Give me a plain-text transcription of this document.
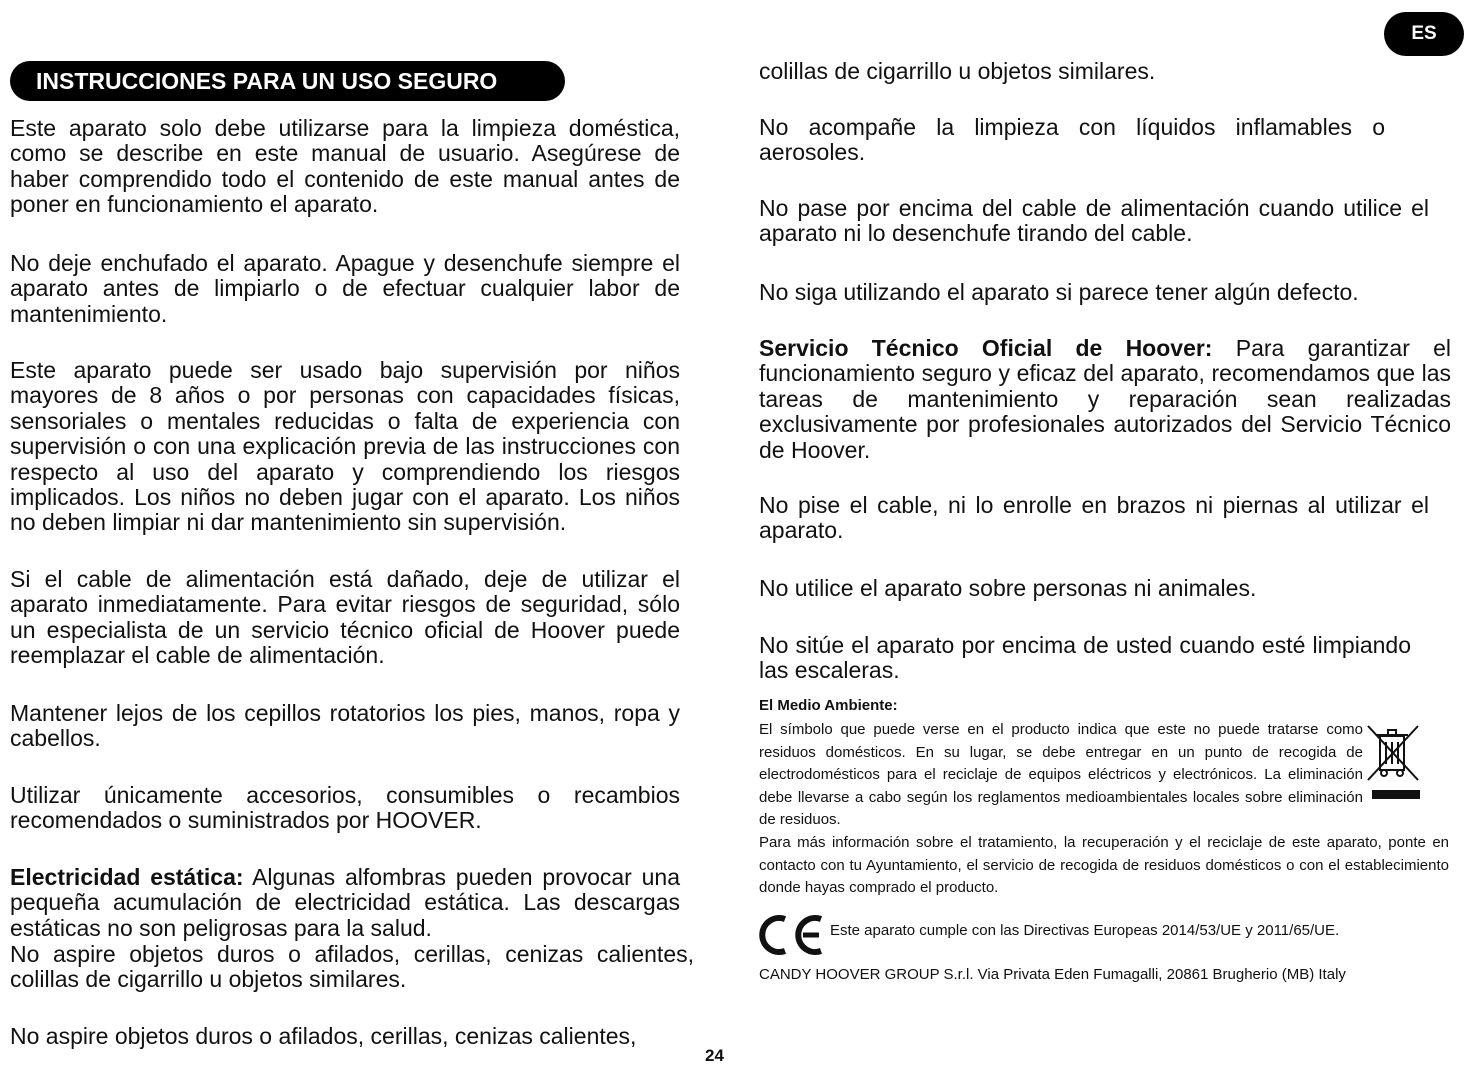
ES
INSTRUCCIONES PARA UN USO SEGURO

Este aparato solo debe utilizarse para la limpieza doméstica, como se describe en este manual de usuario. Asegúrese de haber comprendido todo el contenido de este manual antes de poner en funcionamiento el aparato.

No deje enchufado el aparato. Apague y desenchufe siempre el aparato antes de limpiarlo o de efectuar cualquier labor de mantenimiento.

Este aparato puede ser usado bajo supervisión por niños mayores de 8 años o por personas con capacidades físicas, sensoriales o mentales reducidas o falta de experiencia con supervisión o con una explicación previa de las instrucciones con respecto al uso del aparato y comprendiendo los riesgos implicados. Los niños no deben jugar con el aparato. Los niños no deben limpiar ni dar mantenimiento sin supervisión.

Si el cable de alimentación está dañado, deje de utilizar el aparato inmediatamente. Para evitar riesgos de seguridad, sólo un especialista de un servicio técnico oficial de Hoover puede reemplazar el cable de alimentación.

Mantener lejos de los cepillos rotatorios los pies, manos, ropa y cabellos.

Utilizar únicamente accesorios, consumibles o recambios recomendados o suministrados por HOOVER.

Electricidad estática: Algunas alfombras pueden provocar una pequeña acumulación de electricidad estática. Las descargas estáticas no son peligrosas para la salud.

No aspire objetos duros o afilados, cerillas, cenizas calientes, colillas de cigarrillo u objetos similares.

No aspire objetos duros o afilados, cerillas, cenizas calientes,

colillas de cigarrillo u objetos similares.

No acompañe la limpieza con líquidos inflamables o aerosoles.

No pase por encima del cable de alimentación cuando utilice el aparato ni lo desenchufe tirando del cable.

No siga utilizando el aparato si parece tener algún defecto.

Servicio Técnico Oficial de Hoover: Para garantizar el funcionamiento seguro y eficaz del aparato, recomendamos que las tareas de mantenimiento y reparación sean realizadas exclusivamente por profesionales autorizados del Servicio Técnico de Hoover.

No pise el cable, ni lo enrolle en brazos ni piernas al utilizar el aparato.

No utilice el aparato sobre personas ni animales.

No sitúe el aparato por encima de usted cuando esté limpiando las escaleras.

El Medio Ambiente:

El símbolo que puede verse en el producto indica que este no puede tratarse como residuos domésticos. En su lugar, se debe entregar en un punto de recogida de electrodomésticos para el reciclaje de equipos eléctricos y electrónicos. La eliminación debe llevarse a cabo según los reglamentos medioambientales locales sobre eliminación de residuos.

Para más información sobre el tratamiento, la recuperación y el reciclaje de este aparato, ponte en contacto con tu Ayuntamiento, el servicio de recogida de residuos domésticos o con el establecimiento donde hayas comprado el producto.

Este aparato cumple con las Directivas Europeas 2014/53/UE y 2011/65/UE.

CANDY HOOVER GROUP S.r.l. Via Privata Eden Fumagalli, 20861 Brugherio (MB) Italy

24
